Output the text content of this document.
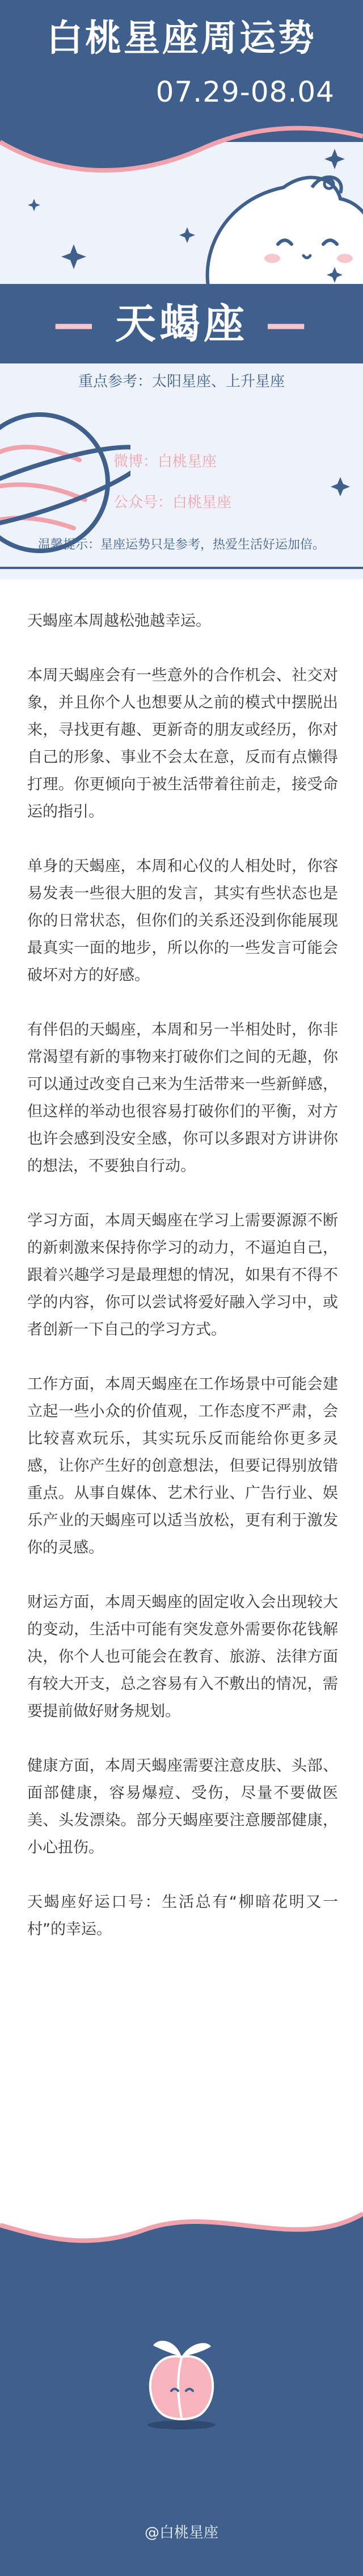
白桃星座周运势
07.29-08.04
— 天蝎座 —
重点参考：太阳星座、上升星座
微博：白桃星座
公众号：白桃星座
温馨提示：星座运势只是参考，热爱生活好运加倍。

天蝎座本周越松弛越幸运。

本周天蝎座会有一些意外的合作机会、社交对象，并且你个人也想要从之前的模式中摆脱出来，寻找更有趣、更新奇的朋友或经历，你对自己的形象、事业不会太在意，反而有点懒得打理。你更倾向于被生活带着往前走，接受命运的指引。

单身的天蝎座，本周和心仪的人相处时，你容易发表一些很大胆的发言，其实有些状态也是你的日常状态，但你们的关系还没到你能展现最真实一面的地步，所以你的一些发言可能会破坏对方的好感。

有伴侣的天蝎座，本周和另一半相处时，你非常渴望有新的事物来打破你们之间的无趣，你可以通过改变自己来为生活带来一些新鲜感，但这样的举动也很容易打破你们的平衡，对方也许会感到没安全感，你可以多跟对方讲讲你的想法，不要独自行动。

学习方面，本周天蝎座在学习上需要源源不断的新刺激来保持你学习的动力，不逼迫自己，跟着兴趣学习是最理想的情况，如果有不得不学的内容，你可以尝试将爱好融入学习中，或者创新一下自己的学习方式。

工作方面，本周天蝎座在工作场景中可能会建立起一些小众的价值观，工作态度不严肃，会比较喜欢玩乐，其实玩乐反而能给你更多灵感，让你产生好的创意想法，但要记得别放错重点。从事自媒体、艺术行业、广告行业、娱乐产业的天蝎座可以适当放松，更有利于激发你的灵感。

财运方面，本周天蝎座的固定收入会出现较大的变动，生活中可能有突发意外需要你花钱解决，你个人也可能会在教育、旅游、法律方面有较大开支，总之容易有入不敷出的情况，需要提前做好财务规划。

健康方面，本周天蝎座需要注意皮肤、头部、面部健康，容易爆痘、受伤，尽量不要做医美、头发漂染。部分天蝎座要注意腰部健康，小心扭伤。

天蝎座好运口号：生活总有“柳暗花明又一村”的幸运。

@白桃星座
